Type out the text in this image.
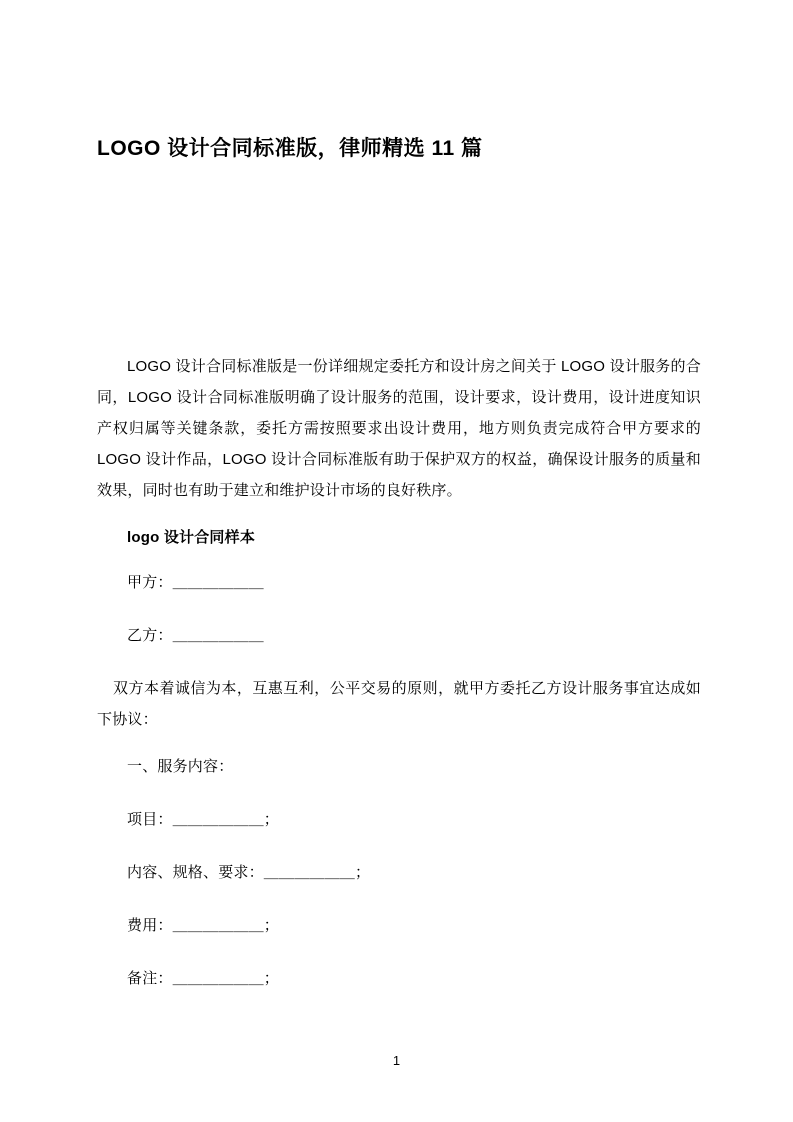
LOGO 设计合同标准版，律师精选 11 篇

LOGO 设计合同标准版是一份详细规定委托方和设计房之间关于 LOGO 设计服务的合同，LOGO 设计合同标准版明确了设计服务的范围，设计要求，设计费用，设计进度知识产权归属等关键条款，委托方需按照要求出设计费用，地方则负责完成符合甲方要求的 LOGO 设计作品，LOGO 设计合同标准版有助于保护双方的权益，确保设计服务的质量和效果，同时也有助于建立和维护设计市场的良好秩序。

logo 设计合同样本

甲方：＿＿＿＿＿＿

乙方：＿＿＿＿＿＿

双方本着诚信为本，互惠互利，公平交易的原则，就甲方委托乙方设计服务事宜达成如下协议：

一、服务内容：

项目：＿＿＿＿＿＿；

内容、规格、要求：＿＿＿＿＿＿；

费用：＿＿＿＿＿＿；

备注：＿＿＿＿＿＿；

1
